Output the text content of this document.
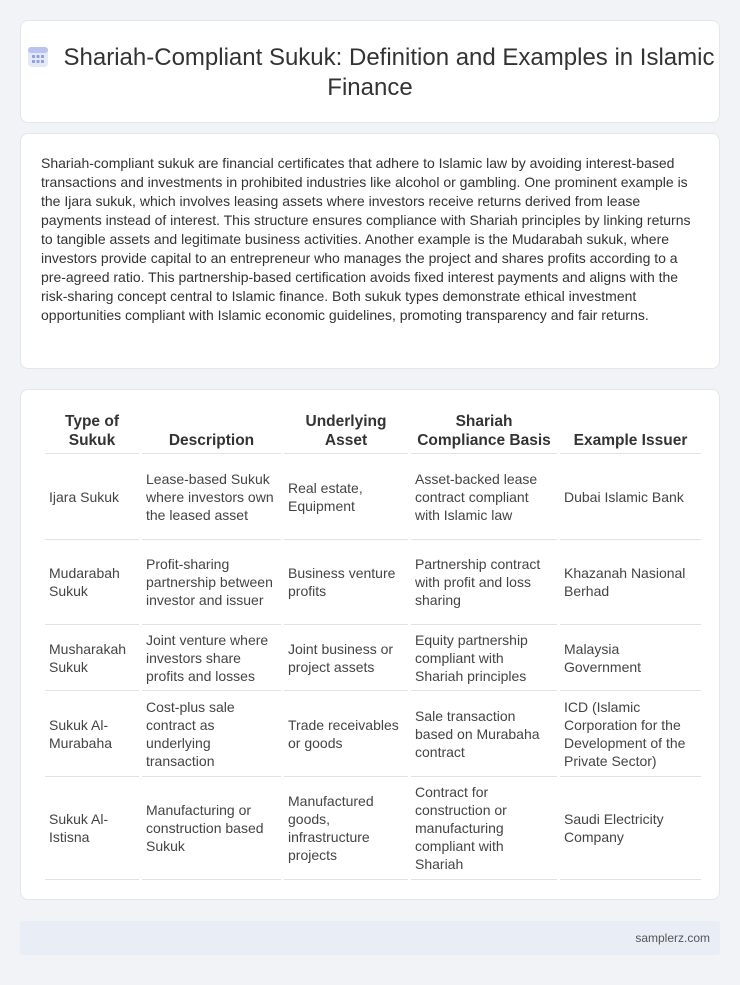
Shariah-Compliant Sukuk: Definition and Examples in Islamic Finance

Shariah-compliant sukuk are financial certificates that adhere to Islamic law by avoiding interest-based transactions and investments in prohibited industries like alcohol or gambling. One prominent example is the Ijara sukuk, which involves leasing assets where investors receive returns derived from lease payments instead of interest. This structure ensures compliance with Shariah principles by linking returns to tangible assets and legitimate business activities. Another example is the Mudarabah sukuk, where investors provide capital to an entrepreneur who manages the project and shares profits according to a pre-agreed ratio. This partnership-based certification avoids fixed interest payments and aligns with the risk-sharing concept central to Islamic finance. Both sukuk types demonstrate ethical investment opportunities compliant with Islamic economic guidelines, promoting transparency and fair returns.

Type of Sukuk	Description	Underlying Asset	Shariah Compliance Basis	Example Issuer
Ijara Sukuk	Lease-based Sukuk where investors own the leased asset	Real estate, Equipment	Asset-backed lease contract compliant with Islamic law	Dubai Islamic Bank
Mudarabah Sukuk	Profit-sharing partnership between investor and issuer	Business venture profits	Partnership contract with profit and loss sharing	Khazanah Nasional Berhad
Musharakah Sukuk	Joint venture where investors share profits and losses	Joint business or project assets	Equity partnership compliant with Shariah principles	Malaysia Government
Sukuk Al-Murabaha	Cost-plus sale contract as underlying transaction	Trade receivables or goods	Sale transaction based on Murabaha contract	ICD (Islamic Corporation for the Development of the Private Sector)
Sukuk Al-Istisna	Manufacturing or construction based Sukuk	Manufactured goods, infrastructure projects	Contract for construction or manufacturing compliant with Shariah	Saudi Electricity Company
samplerz.com
